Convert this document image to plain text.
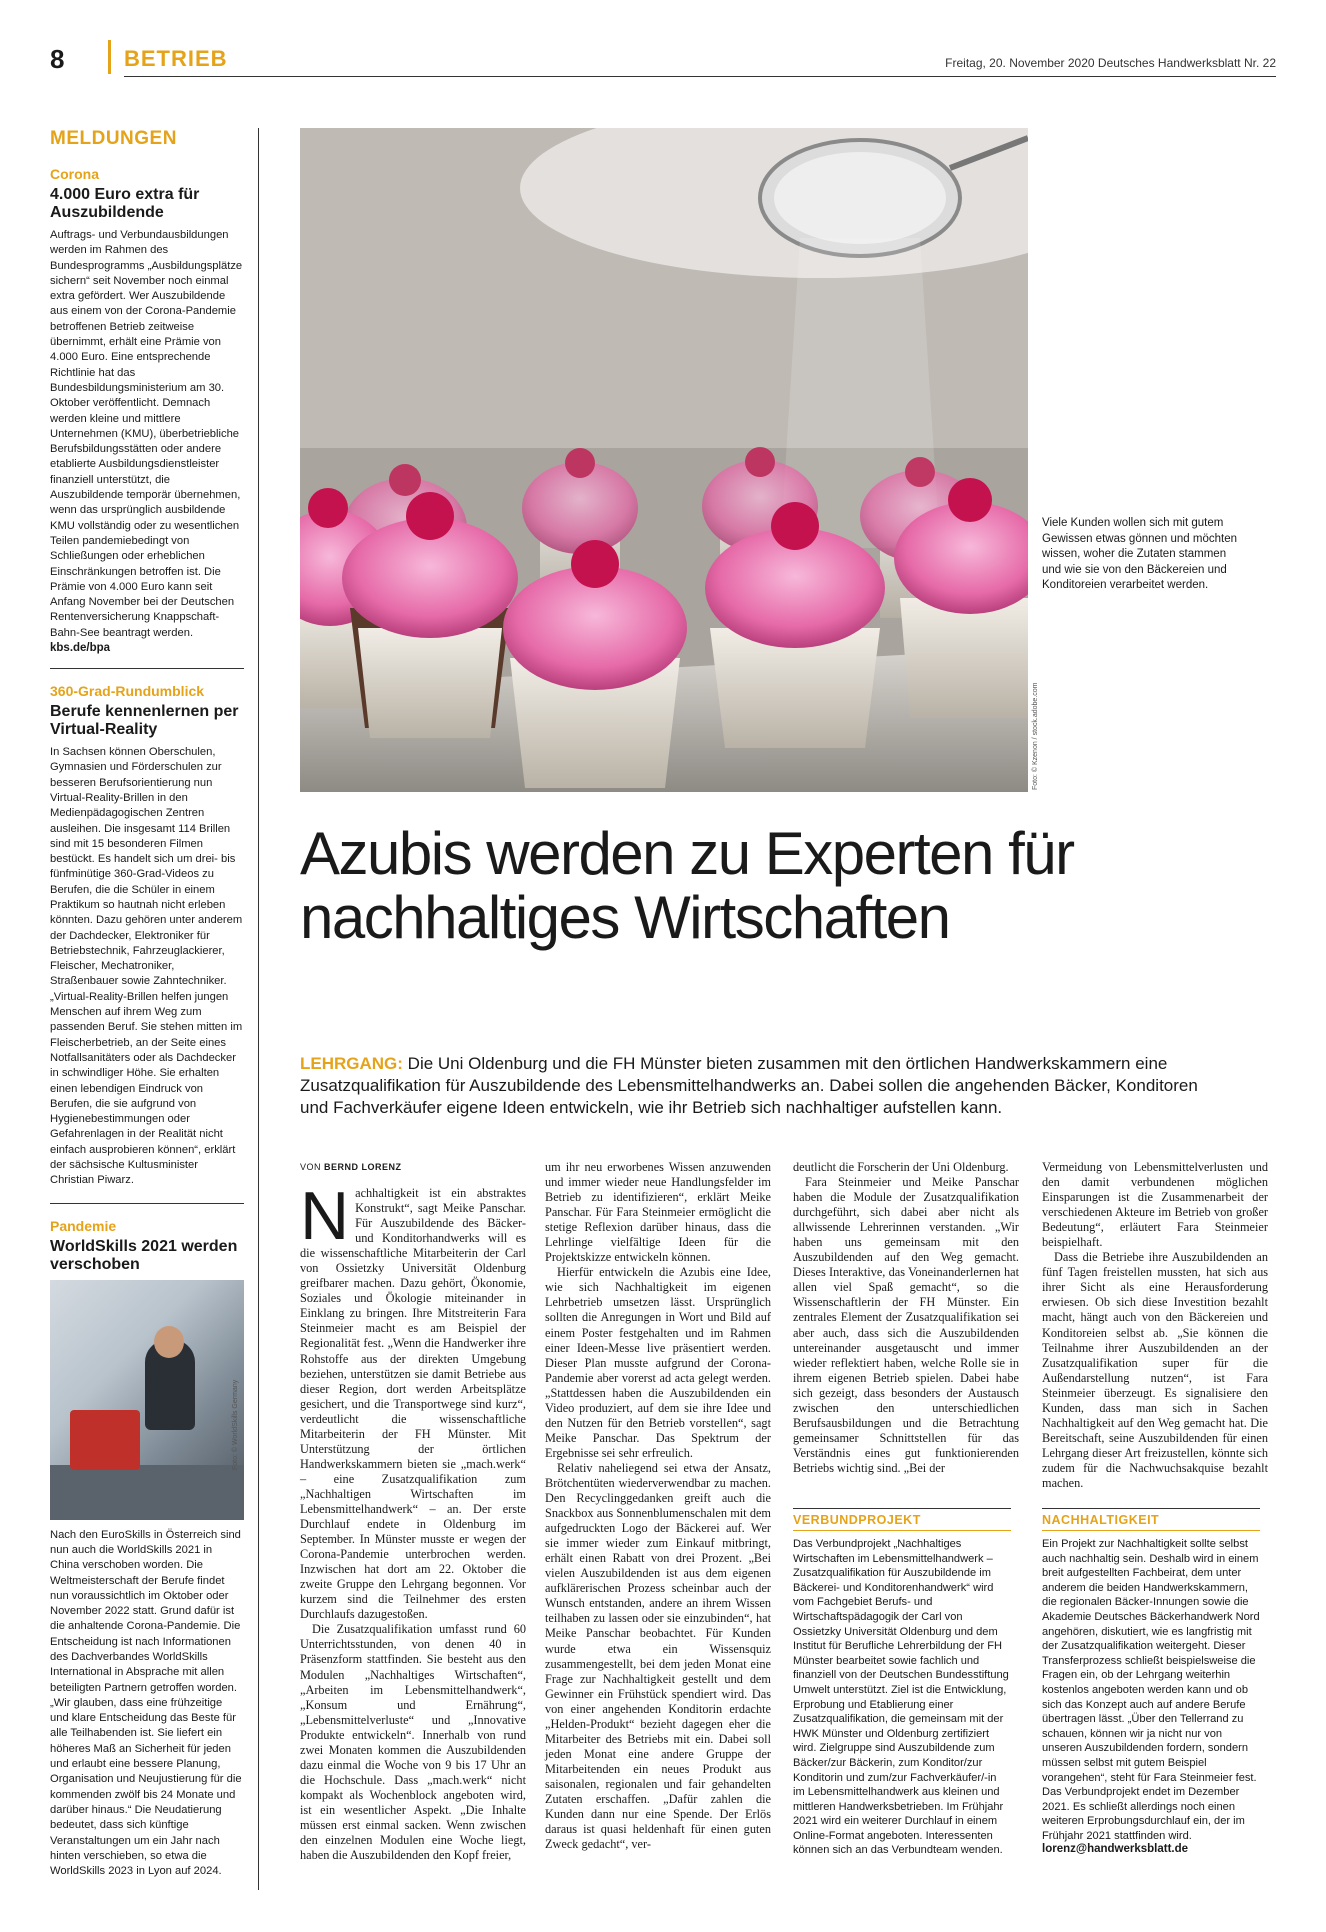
8	BETRIEB	Freitag, 20. November 2020 Deutsches Handwerksblatt Nr. 22
MELDUNGEN
Corona
4.000 Euro extra für Auszubildende

Auftrags- und Verbundausbildungen werden im Rahmen des Bundesprogramms „Ausbildungsplätze sichern“ seit November noch einmal extra gefördert. Wer Auszubildende aus einem von der Corona-Pandemie betroffenen Betrieb zeitweise übernimmt, erhält eine Prämie von 4.000 Euro. Eine entsprechende Richtlinie hat das Bundesbildungsministerium am 30. Oktober veröffentlicht. Demnach werden kleine und mittlere Unternehmen (KMU), überbetriebliche Berufsbildungsstätten oder andere etablierte Ausbildungsdienstleister finanziell unterstützt, die Auszubildende temporär übernehmen, wenn das ursprünglich ausbildende KMU vollständig oder zu wesentlichen Teilen pandemiebedingt von Schließungen oder erheblichen Einschränkungen betroffen ist. Die Prämie von 4.000 Euro kann seit Anfang November bei der Deutschen Rentenversicherung Knappschaft-Bahn-See beantragt werden.

kbs.de/bpa
360-Grad-Rundumblick
Berufe kennenlernen per Virtual-Reality

In Sachsen können Oberschulen, Gymnasien und Förderschulen zur besseren Berufsorientierung nun Virtual-Reality-Brillen in den Medienpädagogischen Zentren ausleihen. Die insgesamt 114 Brillen sind mit 15 besonderen Filmen bestückt. Es handelt sich um drei- bis fünfminütige 360-Grad-Videos zu Berufen, die die Schüler in einem Praktikum so hautnah nicht erleben könnten. Dazu gehören unter anderem der Dachdecker, Elektroniker für Betriebstechnik, Fahrzeuglackierer, Fleischer, Mechatroniker, Straßenbauer sowie Zahntechniker. „Virtual-Reality-Brillen helfen jungen Menschen auf ihrem Weg zum passenden Beruf. Sie stehen mitten im Fleischerbetrieb, an der Seite eines Notfallsanitäters oder als Dachdecker in schwindliger Höhe. Sie erhalten einen lebendigen Eindruck von Berufen, die sie aufgrund von Hygienebestimmungen oder Gefahrenlagen in der Realität nicht einfach ausprobieren können“, erklärt der sächsische Kultusminister Christian Piwarz.

Pandemie
WorldSkills 2021 werden verschoben

Nach den EuroSkills in Österreich sind nun auch die WorldSkills 2021 in China verschoben worden. Die Weltmeisterschaft der Berufe findet nun voraussichtlich im Oktober oder November 2022 statt. Grund dafür ist die anhaltende Corona-Pandemie. Die Entscheidung ist nach Informationen des Dachverbandes WorldSkills International in Absprache mit allen beteiligten Partnern getroffen worden. „Wir glauben, dass eine frühzeitige und klare Entscheidung das Beste für alle Teilhabenden ist. Sie liefert ein höheres Maß an Sicherheit für jeden und erlaubt eine bessere Planung, Organisation und Neujustierung für die kommenden zwölf bis 24 Monate und darüber hinaus.“ Die Neudatierung bedeutet, dass sich künftige Veranstaltungen um ein Jahr nach hinten verschieben, so etwa die WorldSkills 2023 in Lyon auf 2024.

Foto: © WorldSkills Germany
Foto: © Kzenon / stock.adobe.com

Viele Kunden wollen sich mit gutem Gewissen etwas gönnen und möchten wissen, woher die Zutaten stammen und wie sie von den Bäckereien und Konditoreien verarbeitet werden.

Azubis werden zu Experten für nachhaltiges Wirtschaften

LEHRGANG: Die Uni Oldenburg und die FH Münster bieten zusammen mit den örtlichen Handwerkskammern eine Zusatzqualifikation für Auszubildende des Lebensmittelhandwerks an. Dabei sollen die angehenden Bäcker, Konditoren und Fachverkäufer eigene Ideen entwickeln, wie ihr Betrieb sich nachhaltiger aufstellen kann.

VON BERND LORENZ

Nachhaltigkeit ist ein abstraktes Konstrukt“, sagt Meike Panschar. Für Auszubildende des Bäcker- und Konditorhandwerks will es die wissenschaftliche Mitarbeiterin der Carl von Ossietzky Universität Oldenburg greifbarer machen. Dazu gehört, Ökonomie, Soziales und Ökologie miteinander in Einklang zu bringen. Ihre Mitstreiterin Fara Steinmeier macht es am Beispiel der Regionalität fest. „Wenn die Handwerker ihre Rohstoffe aus der direkten Umgebung beziehen, unterstützen sie damit Betriebe aus dieser Region, dort werden Arbeitsplätze gesichert, und die Transportwege sind kurz“, verdeutlicht die wissenschaftliche Mitarbeiterin der FH Münster. Mit Unterstützung der örtlichen Handwerkskammern bieten sie „mach.werk“ – eine Zusatzqualifikation zum „Nachhaltigen Wirtschaften im Lebensmittelhandwerk“ – an. Der erste Durchlauf endete in Oldenburg im September. In Münster musste er wegen der Corona-Pandemie unterbrochen werden. Inzwischen hat dort am 22. Oktober die zweite Gruppe den Lehrgang begonnen. Vor kurzem sind die Teilnehmer des ersten Durchlaufs dazugestoßen.

Die Zusatzqualifikation umfasst rund 60 Unterrichtsstunden, von denen 40 in Präsenzform stattfinden. Sie besteht aus den Modulen „Nachhaltiges Wirtschaften“, „Arbeiten im Lebensmittelhandwerk“, „Konsum und Ernährung“, „Lebensmittelverluste“ und „Innovative Produkte entwickeln“. Innerhalb von rund zwei Monaten kommen die Auszubildenden dazu einmal die Woche von 9 bis 17 Uhr an die Hochschule. Dass „mach.werk“ nicht kompakt als Wochenblock angeboten wird, ist ein wesentlicher Aspekt. „Die Inhalte müssen erst einmal sacken. Wenn zwischen den einzelnen Modulen eine Woche liegt, haben die Auszubildenden den Kopf freier,

um ihr neu erworbenes Wissen anzuwenden und immer wieder neue Handlungsfelder im Betrieb zu identifizieren“, erklärt Meike Panschar. Für Fara Steinmeier ermöglicht die stetige Reflexion darüber hinaus, dass die Lehrlinge vielfältige Ideen für die Projektskizze entwickeln können.

Hierfür entwickeln die Azubis eine Idee, wie sich Nachhaltigkeit im eigenen Lehrbetrieb umsetzen lässt. Ursprünglich sollten die Anregungen in Wort und Bild auf einem Poster festgehalten und im Rahmen einer Ideen-Messe live präsentiert werden. Dieser Plan musste aufgrund der Corona-Pandemie aber vorerst ad acta gelegt werden. „Stattdessen haben die Auszubildenden ein Video produziert, auf dem sie ihre Idee und den Nutzen für den Betrieb vorstellen“, sagt Meike Panschar. Das Spektrum der Ergebnisse sei sehr erfreulich.

Relativ naheliegend sei etwa der Ansatz, Brötchentüten wiederverwendbar zu machen. Den Recyclinggedanken greift auch die Snackbox aus Sonnenblumenschalen mit dem aufgedruckten Logo der Bäckerei auf. Wer sie immer wieder zum Einkauf mitbringt, erhält einen Rabatt von drei Prozent. „Bei vielen Auszubildenden ist aus dem eigenen aufklärerischen Prozess scheinbar auch der Wunsch entstanden, andere an ihrem Wissen teilhaben zu lassen oder sie einzubinden“, hat Meike Panschar beobachtet. Für Kunden wurde etwa ein Wissensquiz zusammengestellt, bei dem jeden Monat eine Frage zur Nachhaltigkeit gestellt und dem Gewinner ein Frühstück spendiert wird. Das von einer angehenden Konditorin erdachte „Helden-Produkt“ bezieht dagegen eher die Mitarbeiter des Betriebs mit ein. Dabei soll jeden Monat eine andere Gruppe der Mitarbeitenden ein neues Produkt aus saisonalen, regionalen und fair gehandelten Zutaten erschaffen. „Dafür zahlen die Kunden dann nur eine Spende. Der Erlös daraus ist quasi heldenhaft für einen guten Zweck gedacht“, ver-

deutlicht die Forscherin der Uni Oldenburg.

Fara Steinmeier und Meike Panschar haben die Module der Zusatzqualifikation durchgeführt, sich dabei aber nicht als allwissende Lehrerinnen verstanden. „Wir haben uns gemeinsam mit den Auszubildenden auf den Weg gemacht. Dieses Interaktive, das Voneinanderlernen hat allen viel Spaß gemacht“, so die Wissenschaftlerin der FH Münster. Ein zentrales Element der Zusatzqualifikation sei aber auch, dass sich die Auszubildenden untereinander ausgetauscht und immer wieder reflektiert haben, welche Rolle sie in ihrem eigenen Betrieb spielen. Dabei habe sich gezeigt, dass besonders der Austausch zwischen den unterschiedlichen Berufsausbildungen und die Betrachtung gemeinsamer Schnittstellen für das Verständnis eines gut funktionierenden Betriebs wichtig sind. „Bei der

Vermeidung von Lebensmittelverlusten und den damit verbundenen möglichen Einsparungen ist die Zusammenarbeit der verschiedenen Akteure im Betrieb von großer Bedeutung“, erläutert Fara Steinmeier beispielhaft.

Dass die Betriebe ihre Auszubildenden an fünf Tagen freistellen mussten, hat sich aus ihrer Sicht als eine Herausforderung erwiesen. Ob sich diese Investition bezahlt macht, hängt auch von den Bäckereien und Konditoreien selbst ab. „Sie können die Teilnahme ihrer Auszubildenden an der Zusatzqualifikation super für die Außendarstellung nutzen“, ist Fara Steinmeier überzeugt. Es signalisiere den Kunden, dass man sich in Sachen Nachhaltigkeit auf den Weg gemacht hat. Die Bereitschaft, seine Auszubildenden für einen Lehrgang dieser Art freizustellen, könnte sich zudem für die Nachwuchsakquise bezahlt machen.

VERBUNDPROJEKT

Das Verbundprojekt „Nachhaltiges Wirtschaften im Lebensmittelhandwerk – Zusatzqualifikation für Auszubildende im Bäckerei- und Konditorenhandwerk“ wird vom Fachgebiet Berufs- und Wirtschaftspädagogik der Carl von Ossietzky Universität Oldenburg und dem Institut für Berufliche Lehrerbildung der FH Münster bearbeitet sowie fachlich und finanziell von der Deutschen Bundesstiftung Umwelt unterstützt. Ziel ist die Entwicklung, Erprobung und Etablierung einer Zusatzqualifikation, die gemeinsam mit der HWK Münster und Oldenburg zertifiziert wird. Zielgruppe sind Auszubildende zum Bäcker/zur Bäckerin, zum Konditor/zur Konditorin und zum/zur Fachverkäufer/-in im Lebensmittelhandwerk aus kleinen und mittleren Handwerksbetrieben. Im Frühjahr 2021 wird ein weiterer Durchlauf in einem Online-Format angeboten. Interessenten können sich an das Verbundteam wenden.

NACHHALTIGKEIT

Ein Projekt zur Nachhaltigkeit sollte selbst auch nachhaltig sein. Deshalb wird in einem breit aufgestellten Fachbeirat, dem unter anderem die beiden Handwerkskammern, die regionalen Bäcker-Innungen sowie die Akademie Deutsches Bäckerhandwerk Nord angehören, diskutiert, wie es langfristig mit der Zusatzqualifikation weitergeht. Dieser Transferprozess schließt beispielsweise die Fragen ein, ob der Lehrgang weiterhin kostenlos angeboten werden kann und ob sich das Konzept auch auf andere Berufe übertragen lässt. „Über den Tellerrand zu schauen, können wir ja nicht nur von unseren Auszubildenden fordern, sondern müssen selbst mit gutem Beispiel vorangehen“, steht für Fara Steinmeier fest. Das Verbundprojekt endet im Dezember 2021. Es schließt allerdings noch einen weiteren Erprobungsdurchlauf ein, der im Frühjahr 2021 stattfinden wird.

lorenz@handwerksblatt.de
